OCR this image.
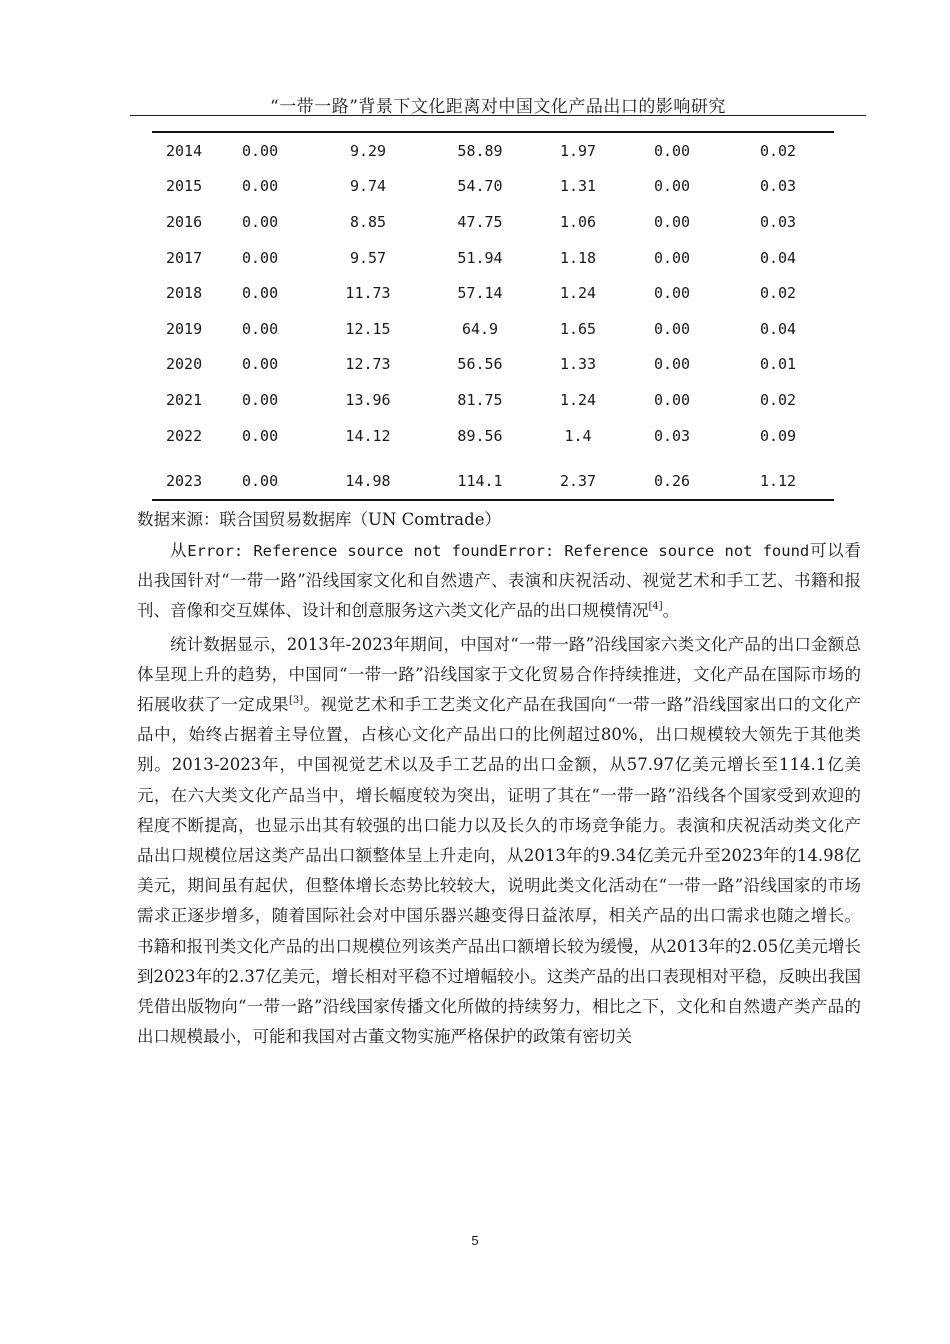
“一带一路”背景下文化距离对中国文化产品出口的影响研究
2014	0.00	9.29	58.89	1.97	0.00	0.02
2015	0.00	9.74	54.70	1.31	0.00	0.03
2016	0.00	8.85	47.75	1.06	0.00	0.03
2017	0.00	9.57	51.94	1.18	0.00	0.04
2018	0.00	11.73	57.14	1.24	0.00	0.02
2019	0.00	12.15	64.9	1.65	0.00	0.04
2020	0.00	12.73	56.56	1.33	0.00	0.01
2021	0.00	13.96	81.75	1.24	0.00	0.02
2022	0.00	14.12	89.56	1.4	0.03	0.09
2023	0.00	14.98	114.1	2.37	0.26	1.12
数据来源：联合国贸易数据库（UN Comtrade）

从Error: Reference source not foundError: Reference source not found可以看出我国针对“一带一路”沿线国家文化和自然遗产、表演和庆祝活动、视觉艺术和手工艺、书籍和报刊、音像和交互媒体、设计和创意服务这六类文化产品的出口规模情况[4]。

统计数据显示，2013年-2023年期间，中国对“一带一路”沿线国家六类文化产品的出口金额总体呈现上升的趋势，中国同“一带一路”沿线国家于文化贸易合作持续推进，文化产品在国际市场的拓展收获了一定成果[3]。视觉艺术和手工艺类文化产品在我国向“一带一路”沿线国家出口的文化产品中，始终占据着主导位置，占核心文化产品出口的比例超过80%，出口规模较大领先于其他类别。2013-2023年，中国视觉艺术以及手工艺品的出口金额，从57.97亿美元增长至114.1亿美元，在六大类文化产品当中，增长幅度较为突出，证明了其在“一带一路”沿线各个国家受到欢迎的程度不断提高，也显示出其有较强的出口能力以及长久的市场竞争能力。表演和庆祝活动类文化产品出口规模位居这类产品出口额整体呈上升走向，从2013年的9.34亿美元升至2023年的14.98亿美元，期间虽有起伏，但整体增长态势比较较大，说明此类文化活动在“一带一路”沿线国家的市场需求正逐步增多，随着国际社会对中国乐器兴趣变得日益浓厚，相关产品的出口需求也随之增长。书籍和报刊类文化产品的出口规模位列该类产品出口额增长较为缓慢，从2013年的2.05亿美元增长到2023年的2.37亿美元，增长相对平稳不过增幅较小。这类产品的出口表现相对平稳，反映出我国凭借出版物向“一带一路”沿线国家传播文化所做的持续努力，相比之下，文化和自然遗产类产品的出口规模最小，可能和我国对古董文物实施严格保护的政策有密切关

5
